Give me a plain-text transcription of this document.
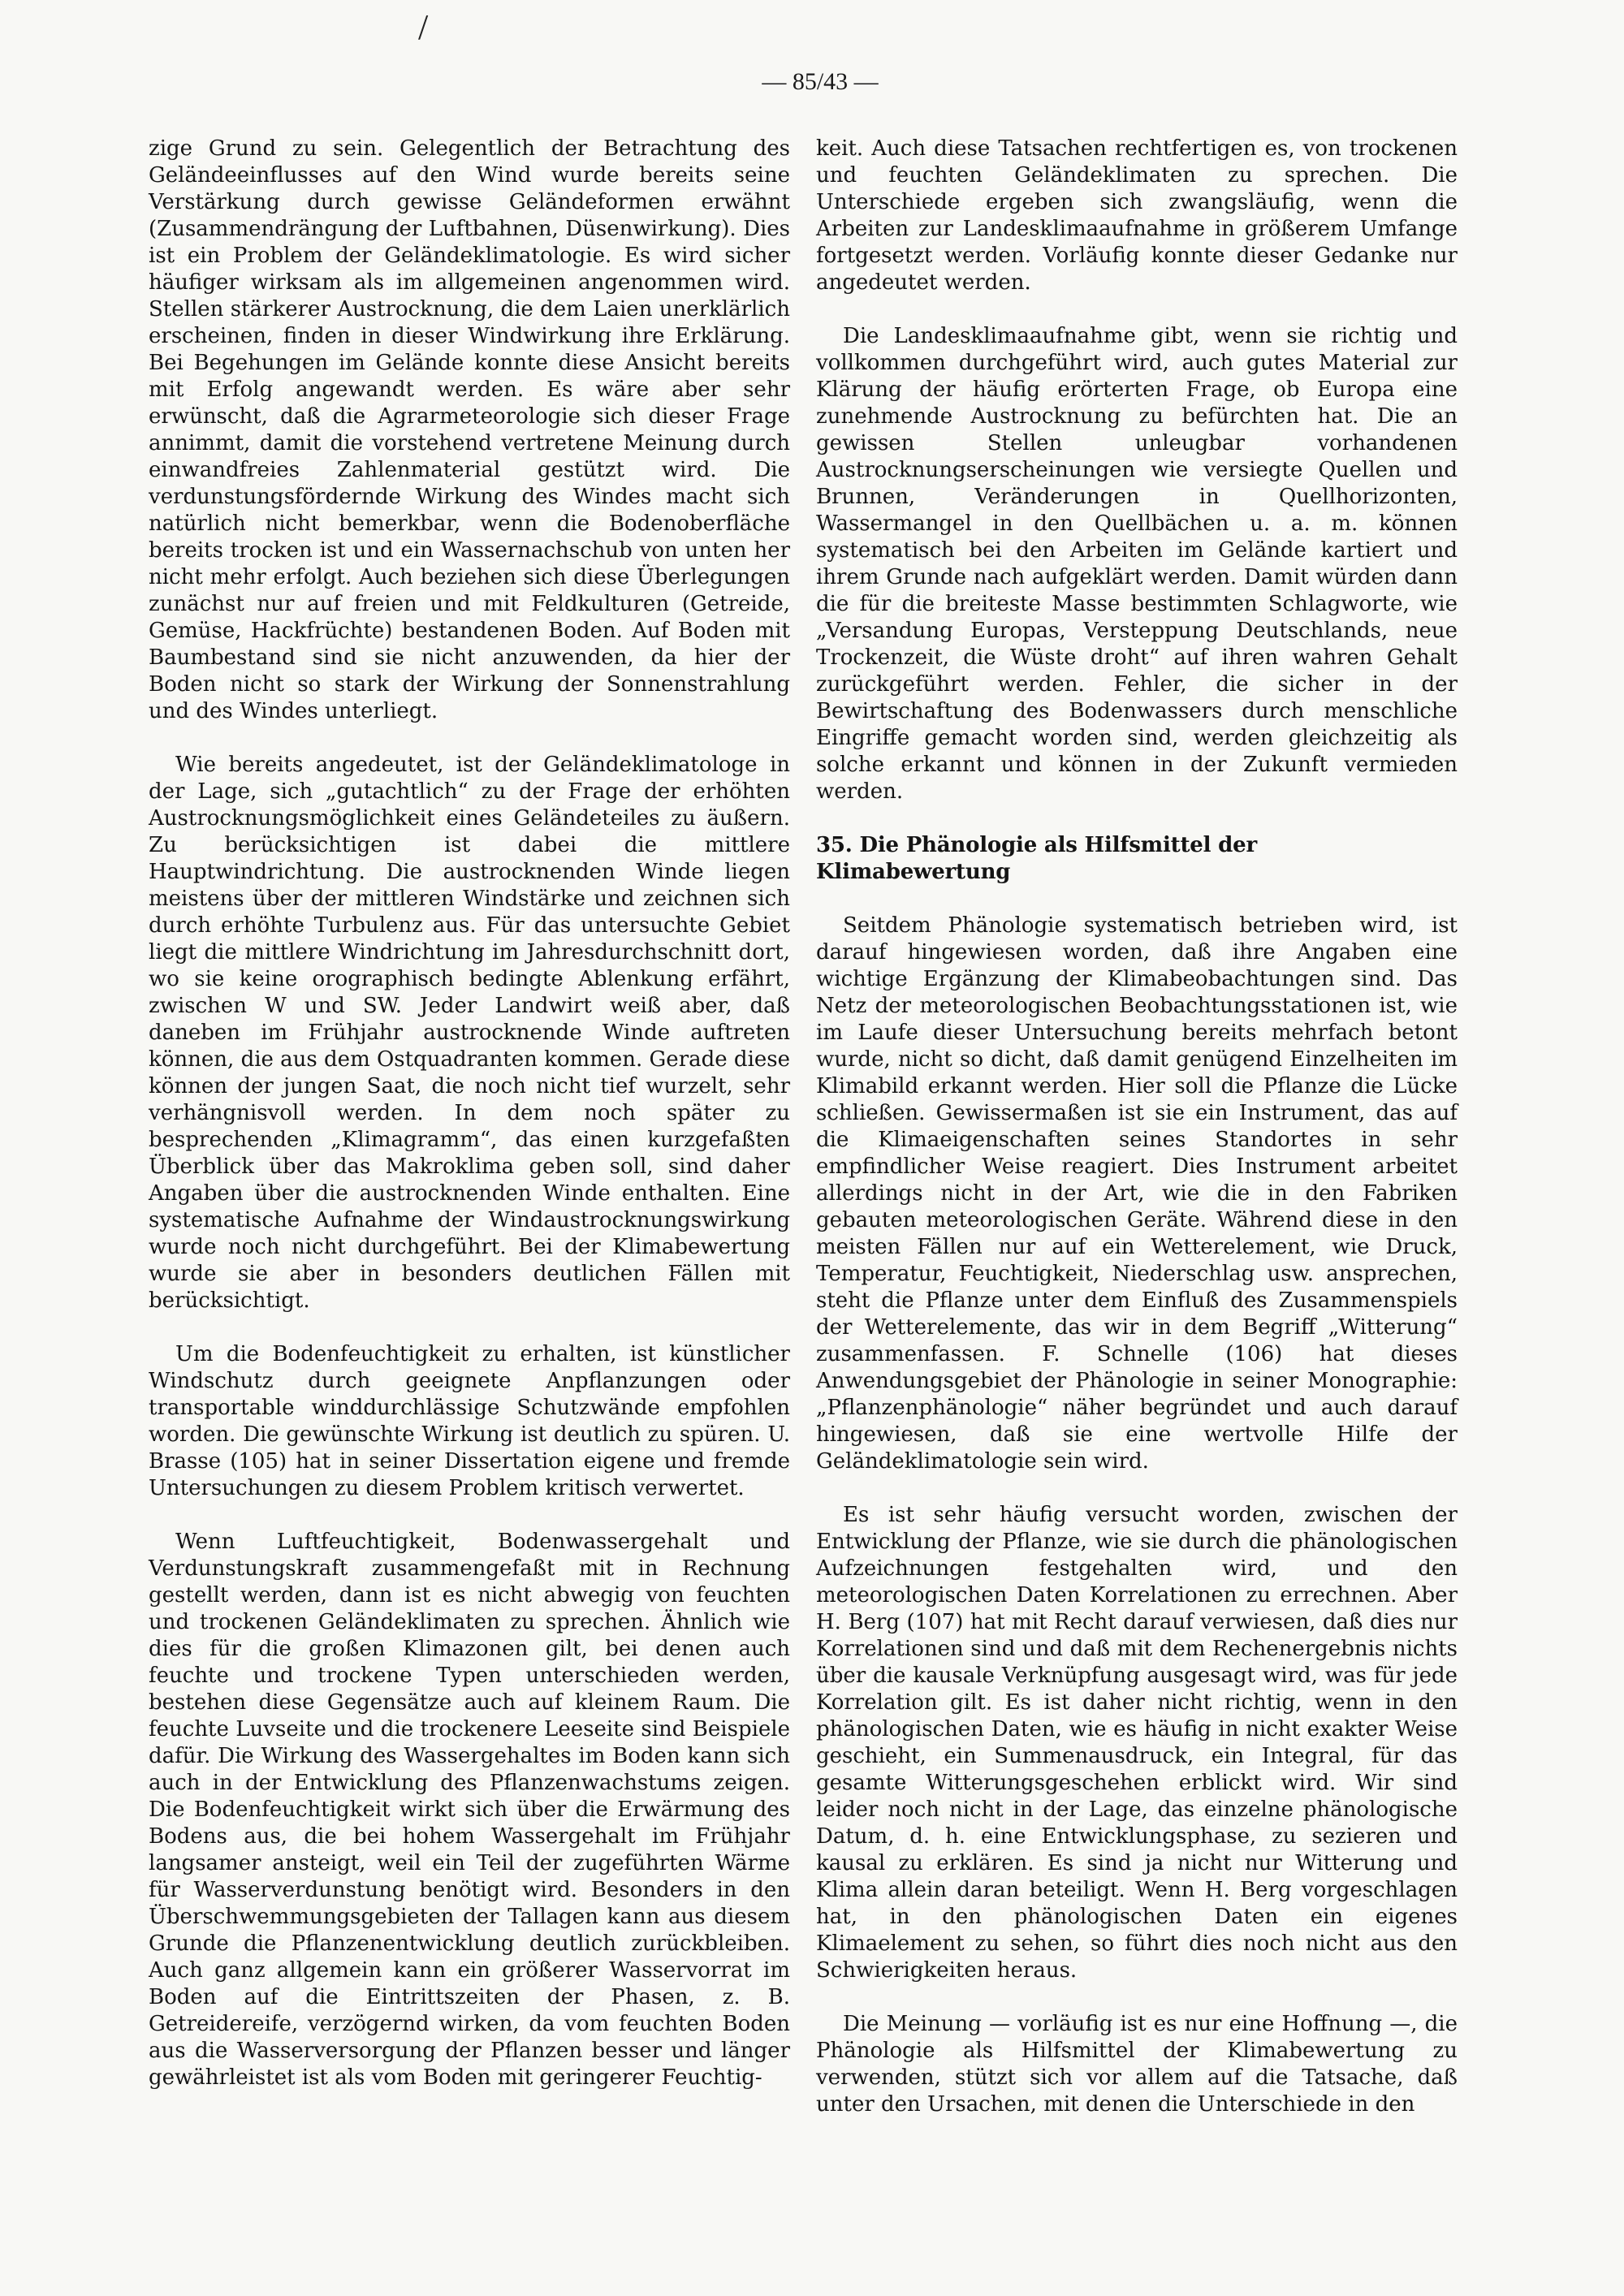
/
— 85/43 —

zige Grund zu sein. Gelegentlich der Betrachtung des Geländeeinflusses auf den Wind wurde bereits seine Verstärkung durch gewisse Geländeformen erwähnt (Zusammendrängung der Luftbahnen, Düsenwirkung). Dies ist ein Problem der Geländeklimatologie. Es wird sicher häufiger wirksam als im allgemeinen angenommen wird. Stellen stärkerer Austrocknung, die dem Laien unerklärlich erscheinen, finden in dieser Windwirkung ihre Erklärung. Bei Begehungen im Gelände konnte diese Ansicht bereits mit Erfolg angewandt werden. Es wäre aber sehr erwünscht, daß die Agrarmeteorologie sich dieser Frage annimmt, damit die vorstehend vertretene Meinung durch einwandfreies Zahlenmaterial gestützt wird. Die verdunstungsfördernde Wirkung des Windes macht sich natürlich nicht bemerkbar, wenn die Bodenoberfläche bereits trocken ist und ein Wassernachschub von unten her nicht mehr erfolgt. Auch beziehen sich diese Überlegungen zunächst nur auf freien und mit Feldkulturen (Getreide, Gemüse, Hackfrüchte) bestandenen Boden. Auf Boden mit Baumbestand sind sie nicht anzuwenden, da hier der Boden nicht so stark der Wirkung der Sonnenstrahlung und des Windes unterliegt.

Wie bereits angedeutet, ist der Geländeklimatologe in der Lage, sich „gutachtlich“ zu der Frage der erhöhten Austrocknungsmöglichkeit eines Geländeteiles zu äußern. Zu berücksichtigen ist dabei die mittlere Hauptwindrichtung. Die austrocknenden Winde liegen meistens über der mittleren Windstärke und zeichnen sich durch erhöhte Turbulenz aus. Für das untersuchte Gebiet liegt die mittlere Windrichtung im Jahresdurchschnitt dort, wo sie keine orographisch bedingte Ablenkung erfährt, zwischen W und SW. Jeder Landwirt weiß aber, daß daneben im Frühjahr austrocknende Winde auftreten können, die aus dem Ostquadranten kommen. Gerade diese können der jungen Saat, die noch nicht tief wurzelt, sehr verhängnisvoll werden. In dem noch später zu besprechenden „Klimagramm“, das einen kurzgefaßten Überblick über das Makroklima geben soll, sind daher Angaben über die austrocknenden Winde enthalten. Eine systematische Aufnahme der Windaustrocknungswirkung wurde noch nicht durchgeführt. Bei der Klimabewertung wurde sie aber in besonders deutlichen Fällen mit berücksichtigt.

Um die Bodenfeuchtigkeit zu erhalten, ist künstlicher Windschutz durch geeignete Anpflanzungen oder transportable winddurchlässige Schutzwände empfohlen worden. Die gewünschte Wirkung ist deutlich zu spüren. U. Brasse (105) hat in seiner Dissertation eigene und fremde Untersuchungen zu diesem Problem kritisch verwertet.

Wenn Luftfeuchtigkeit, Bodenwassergehalt und Verdunstungskraft zusammengefaßt mit in Rechnung gestellt werden, dann ist es nicht abwegig von feuchten und trockenen Geländeklimaten zu sprechen. Ähnlich wie dies für die großen Klimazonen gilt, bei denen auch feuchte und trockene Typen unterschieden werden, bestehen diese Gegensätze auch auf kleinem Raum. Die feuchte Luvseite und die trockenere Leeseite sind Beispiele dafür. Die Wirkung des Wassergehaltes im Boden kann sich auch in der Entwicklung des Pflanzenwachstums zeigen. Die Bodenfeuchtigkeit wirkt sich über die Erwärmung des Bodens aus, die bei hohem Wassergehalt im Frühjahr langsamer ansteigt, weil ein Teil der zugeführten Wärme für Wasserverdunstung benötigt wird. Besonders in den Überschwemmungsgebieten der Tallagen kann aus diesem Grunde die Pflanzenentwicklung deutlich zurückbleiben. Auch ganz allgemein kann ein größerer Wasservorrat im Boden auf die Eintrittszeiten der Phasen, z. B. Getreidereife, verzögernd wirken, da vom feuchten Boden aus die Wasserversorgung der Pflanzen besser und länger gewährleistet ist als vom Boden mit geringerer Feuchtig-

keit. Auch diese Tatsachen rechtfertigen es, von trockenen und feuchten Geländeklimaten zu sprechen. Die Unterschiede ergeben sich zwangsläufig, wenn die Arbeiten zur Landesklimaaufnahme in größerem Umfange fortgesetzt werden. Vorläufig konnte dieser Gedanke nur angedeutet werden.

Die Landesklimaaufnahme gibt, wenn sie richtig und vollkommen durchgeführt wird, auch gutes Material zur Klärung der häufig erörterten Frage, ob Europa eine zunehmende Austrocknung zu befürchten hat. Die an gewissen Stellen unleugbar vorhandenen Austrocknungserscheinungen wie versiegte Quellen und Brunnen, Veränderungen in Quellhorizonten, Wassermangel in den Quellbächen u. a. m. können systematisch bei den Arbeiten im Gelände kartiert und ihrem Grunde nach aufgeklärt werden. Damit würden dann die für die breiteste Masse bestimmten Schlagworte, wie „Versandung Europas, Versteppung Deutschlands, neue Trockenzeit, die Wüste droht“ auf ihren wahren Gehalt zurückgeführt werden. Fehler, die sicher in der Bewirtschaftung des Bodenwassers durch menschliche Eingriffe gemacht worden sind, werden gleichzeitig als solche erkannt und können in der Zukunft vermieden werden.

35. Die Phänologie als Hilfsmittel der Klimabewertung

Seitdem Phänologie systematisch betrieben wird, ist darauf hingewiesen worden, daß ihre Angaben eine wichtige Ergänzung der Klimabeobachtungen sind. Das Netz der meteorologischen Beobachtungsstationen ist, wie im Laufe dieser Untersuchung bereits mehrfach betont wurde, nicht so dicht, daß damit genügend Einzelheiten im Klimabild erkannt werden. Hier soll die Pflanze die Lücke schließen. Gewissermaßen ist sie ein Instrument, das auf die Klimaeigenschaften seines Standortes in sehr empfindlicher Weise reagiert. Dies Instrument arbeitet allerdings nicht in der Art, wie die in den Fabriken gebauten meteorologischen Geräte. Während diese in den meisten Fällen nur auf ein Wetterelement, wie Druck, Temperatur, Feuchtigkeit, Niederschlag usw. ansprechen, steht die Pflanze unter dem Einfluß des Zusammenspiels der Wetterelemente, das wir in dem Begriff „Witterung“ zusammenfassen. F. Schnelle (106) hat dieses Anwendungsgebiet der Phänologie in seiner Monographie: „Pflanzenphänologie“ näher begründet und auch darauf hingewiesen, daß sie eine wertvolle Hilfe der Geländeklimatologie sein wird.

Es ist sehr häufig versucht worden, zwischen der Entwicklung der Pflanze, wie sie durch die phänologischen Aufzeichnungen festgehalten wird, und den meteorologischen Daten Korrelationen zu errechnen. Aber H. Berg (107) hat mit Recht darauf verwiesen, daß dies nur Korrelationen sind und daß mit dem Rechenergebnis nichts über die kausale Verknüpfung ausgesagt wird, was für jede Korrelation gilt. Es ist daher nicht richtig, wenn in den phänologischen Daten, wie es häufig in nicht exakter Weise geschieht, ein Summenausdruck, ein Integral, für das gesamte Witterungsgeschehen erblickt wird. Wir sind leider noch nicht in der Lage, das einzelne phänologische Datum, d. h. eine Entwicklungsphase, zu sezieren und kausal zu erklären. Es sind ja nicht nur Witterung und Klima allein daran beteiligt. Wenn H. Berg vorgeschlagen hat, in den phänologischen Daten ein eigenes Klimaelement zu sehen, so führt dies noch nicht aus den Schwierigkeiten heraus.

Die Meinung — vorläufig ist es nur eine Hoffnung —, die Phänologie als Hilfsmittel der Klimabewertung zu verwenden, stützt sich vor allem auf die Tatsache, daß unter den Ursachen, mit denen die Unterschiede in den
